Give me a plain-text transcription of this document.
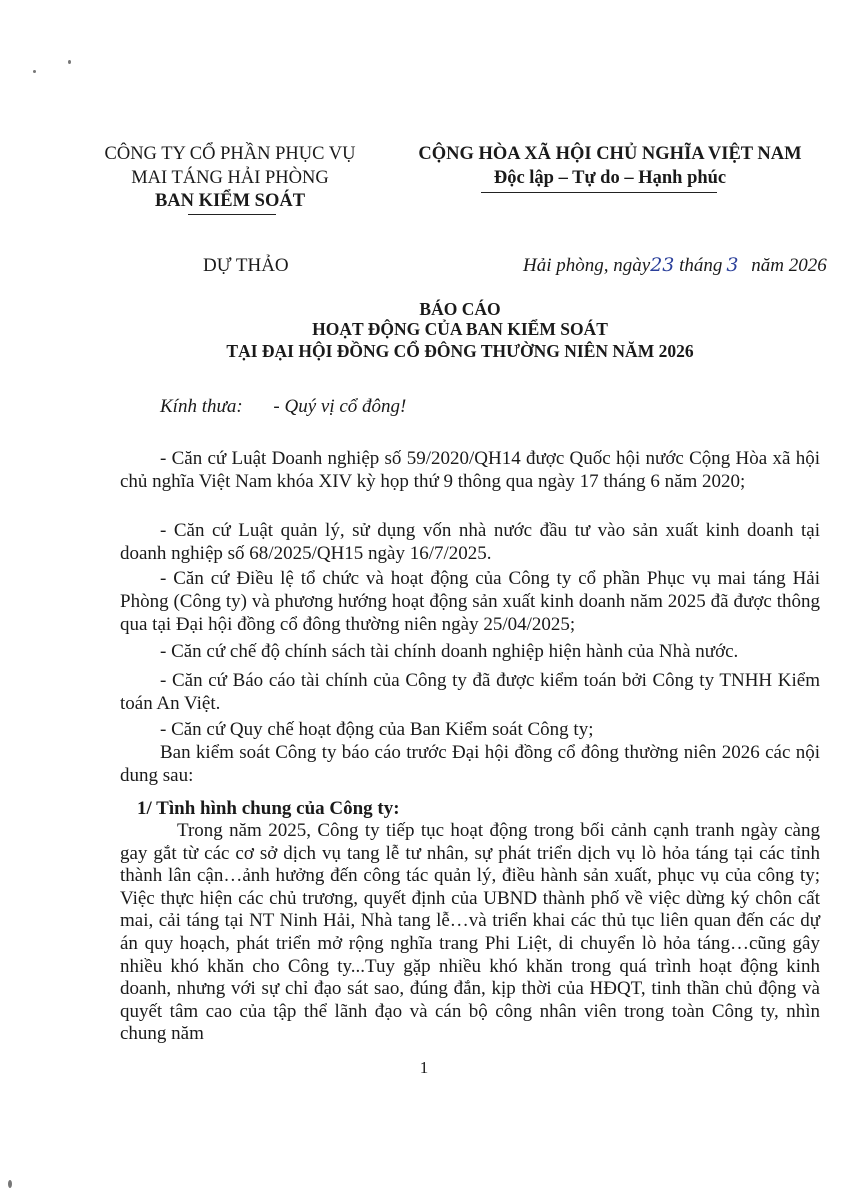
CÔNG TY CỔ PHẦN PHỤC VỤ
MAI TÁNG HẢI PHÒNG
BAN KIỂM SOÁT
CỘNG HÒA XÃ HỘI CHỦ NGHĨA VIỆT NAM
Độc lập – Tự do – Hạnh phúc
DỰ THẢO	Hải phòng, ngày23 tháng 3 năm 2026
BÁO CÁO
HOẠT ĐỘNG CỦA BAN KIỂM SOÁT
TẠI ĐẠI HỘI ĐỒNG CỔ ĐÔNG THƯỜNG NIÊN NĂM 2026
Kính thưa: - Quý vị cổ đông!
- Căn cứ Luật Doanh nghiệp số 59/2020/QH14 được Quốc hội nước Cộng Hòa xã hội chủ nghĩa Việt Nam khóa XIV kỳ họp thứ 9 thông qua ngày 17 tháng 6 năm 2020;
- Căn cứ Luật quản lý, sử dụng vốn nhà nước đầu tư vào sản xuất kinh doanh tại doanh nghiệp số 68/2025/QH15 ngày 16/7/2025.
- Căn cứ Điều lệ tổ chức và hoạt động của Công ty cổ phần Phục vụ mai táng Hải Phòng (Công ty) và phương hướng hoạt động sản xuất kinh doanh năm 2025 đã được thông qua tại Đại hội đồng cổ đông thường niên ngày 25/04/2025;
- Căn cứ chế độ chính sách tài chính doanh nghiệp hiện hành của Nhà nước.
- Căn cứ Báo cáo tài chính của Công ty đã được kiểm toán bởi Công ty TNHH Kiểm toán An Việt.
- Căn cứ Quy chế hoạt động của Ban Kiểm soát Công ty;
Ban kiểm soát Công ty báo cáo trước Đại hội đồng cổ đông thường niên 2026 các nội dung sau:
1/ Tình hình chung của Công ty:
Trong năm 2025, Công ty tiếp tục hoạt động trong bối cảnh cạnh tranh ngày càng gay gắt từ các cơ sở dịch vụ tang lễ tư nhân, sự phát triển dịch vụ lò hỏa táng tại các tỉnh thành lân cận…ảnh hưởng đến công tác quản lý, điều hành sản xuất, phục vụ của công ty; Việc thực hiện các chủ trương, quyết định của UBND thành phố về việc dừng ký chôn cất mai, cải táng tại NT Ninh Hải, Nhà tang lễ…và triển khai các thủ tục liên quan đến các dự án quy hoạch, phát triển mở rộng nghĩa trang Phi Liệt, di chuyển lò hỏa táng…cũng gây nhiều khó khăn cho Công ty...Tuy gặp nhiều khó khăn trong quá trình hoạt động kinh doanh, nhưng với sự chỉ đạo sát sao, đúng đắn, kịp thời của HĐQT, tinh thần chủ động và quyết tâm cao của tập thể lãnh đạo và cán bộ công nhân viên trong toàn Công ty, nhìn chung năm
1
